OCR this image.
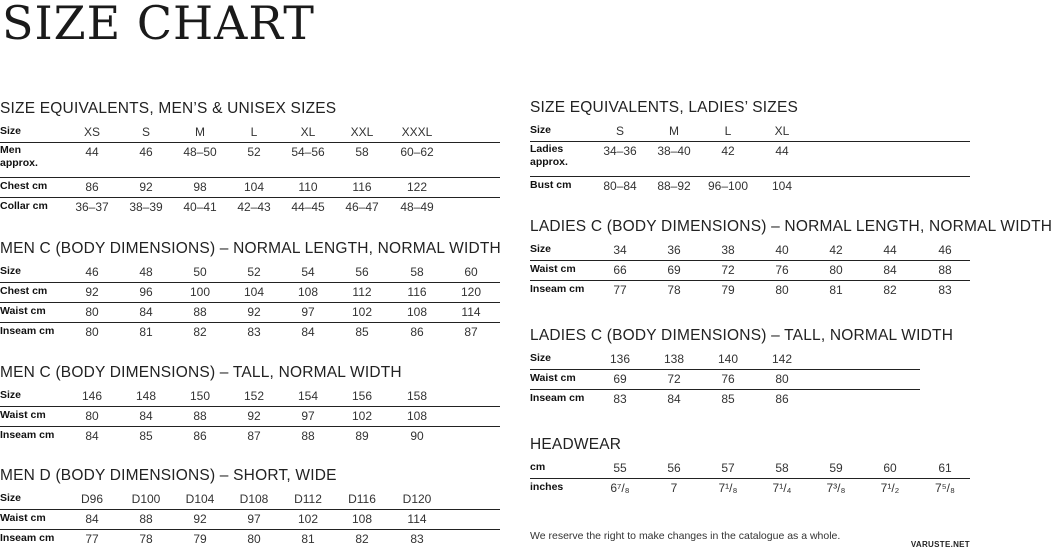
SIZE CHART
SIZE EQUIVALENTS, MEN’S & UNISEX SIZES
Size	XS	S	M	L	XL	XXL XXXL
Men approx.
44	46	48–50	52	54–56	58	60–62
Chest cm	86	92	98	104	110	116	122
Collar cm 36–37 38–39 40–41 42–43 44–45 46–47 48–49
MEN C (BODY DIMENSIONS) – NORMAL LENGTH, NORMAL WIDTH
Size	46	48	50	52	54	56	58	60
Chest cm	92	96	100	104	108	112	116	120
Waist cm	80	84	88	92	97	102	108	114
Inseam cm	80	81	82	83	84	85	86	87
MEN C (BODY DIMENSIONS) – TALL, NORMAL WIDTH
Size	146	148	150	152	154	156	158
Waist cm	80	84	88	92	97	102	108
Inseam cm	84	85	86	87	88	89	90
MEN D (BODY DIMENSIONS) – SHORT, WIDE
Size	D96 D100 D104 D108 D112 D116 D120
Waist cm	84	88	92	97	102	108	114
Inseam cm	77	78	79	80	81	82	83
SIZE EQUIVALENTS, LADIES’ SIZES
Size	S	M	L	XL
Ladies approx.
34–36 38–40	42	44
Bust cm	80–84 88–92 96–100 104
LADIES C (BODY DIMENSIONS) – NORMAL LENGTH, NORMAL WIDTH
Size	34	36	38	40	42	44	46
Waist cm	66	69	72	76	80	84	88
Inseam cm 77	78	79	80	81	82	83
LADIES C (BODY DIMENSIONS) – TALL, NORMAL WIDTH
Size	136	138	140	142
Waist cm	69	72	76	80
Inseam cm 83	84	85	86
HEADWEAR
cm	55	56	57	58	59	60	61
inches	6⁷/₈	7	7¹/₈	7¹/₄	7³/₈	7¹/₂	7⁵/₈
We reserve the right to make changes in the catalogue as a whole.
VARUSTE.NET
